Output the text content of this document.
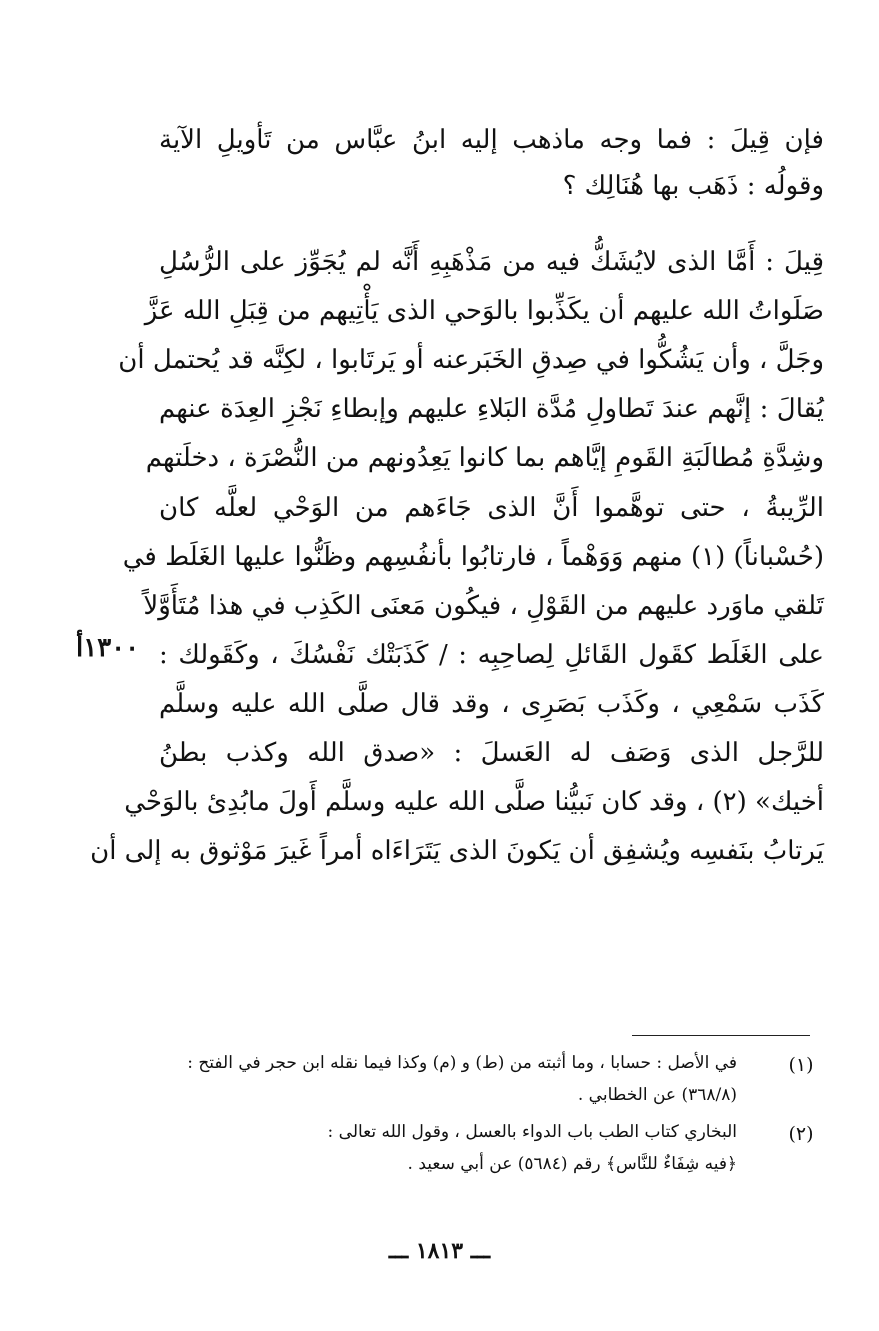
فإن قِيلَ : فما وجه ماذهب إليه ابنُ عبَّاس من تَأويلِ الآية
وقولُه : ذَهَب بها هُنَالِك ؟
قِيلَ : أَمَّا الذى لايُشَكُّ فيه من مَذْهَبِهِ أَنَّه لم يُجَوِّز على الرُّسُلِ
صَلَواتُ الله عليهم أن يكَذِّبوا بالوَحي الذى يَأْتِيهم من قِبَلِ الله عَزَّ
وجَلَّ ، وأن يَشُكُّوا في صِدقِ الخَبَرعنه أو يَرتَابوا ، لكِنَّه قد يُحتمل أن
يُقالَ : إنَّهم عندَ تَطاولِ مُدَّة البَلاءِ عليهم وإبطاءِ نَجْزِ العِدَة عنهم
وشِدَّةِ مُطالَبَةِ القَومِ إيَّاهم بما كانوا يَعِدُونهم من النُّصْرَة ، دخلَتهم
الرِّيبةُ ، حتى توهَّموا أَنَّ الذى جَاءَهم من الوَحْي لعلَّه كان
(حُسْباناً) (١) منهم وَوَهْماً ، فارتابُوا بأنفُسِهم وظَنُّوا عليها الغَلَط في
تَلقي ماوَرد عليهم من القَوْلِ ، فيكُون مَعنَى الكَذِب في هذا مُتَأَوَّلاً
على الغَلَط كقَول القَائلِ لِصاحِبِه : / كَذَبَتْك نَفْسُكَ ، وكَقَولك :
كَذَب سَمْعِي ، وكَذَب بَصَرِى ، وقد قال صلَّى الله عليه وسلَّم
للرَّجل الذى وَصَف له العَسلَ : «صدق الله وكذب بطنُ
أخيك» (٢) ، وقد كان نَبيُّنا صلَّى الله عليه وسلَّم أَولَ مابُدِئ بالوَحْي
يَرتابُ بنَفسِه ويُشفِق أن يَكونَ الذى يَتَرَاءَاه أمراً غَيرَ مَوْثوق به إلى أن
١٣٠٠أ
(١)
في الأصل : حسابا ، وما أثبته من (ط) و (م) وكذا فيما نقله ابن حجر في الفتح :
(٣٦٨/٨) عن الخطابي .
(٢)
البخاري كتاب الطب باب الدواء بالعسل ، وقول الله تعالى :
﴿فيه شِفَاءٌ للنَّاس﴾ رقم (٥٦٨٤) عن أبي سعيد .
ـــ ١٨١٣ ـــ
